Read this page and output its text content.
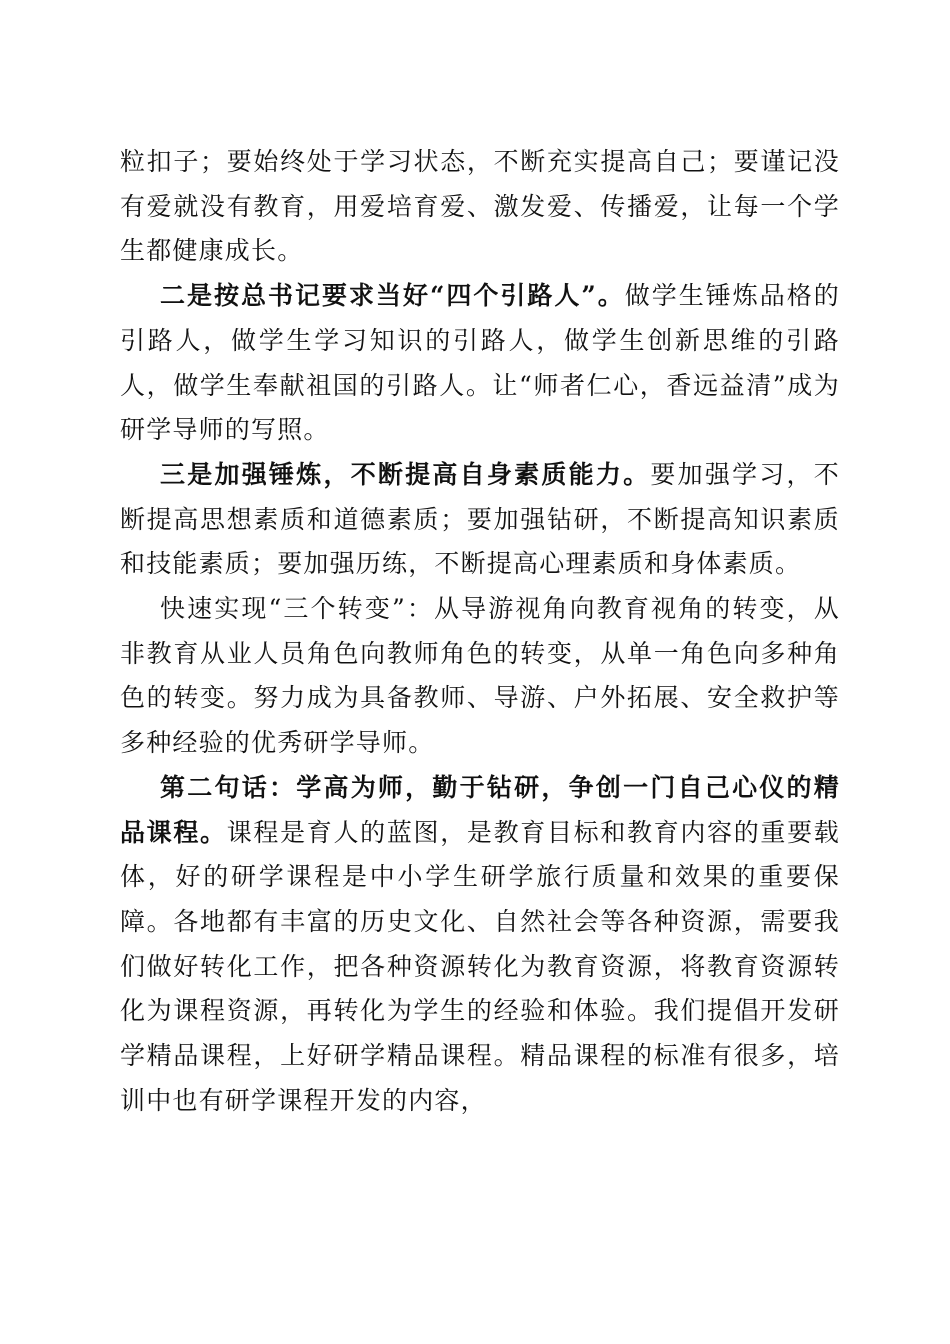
粒扣子；要始终处于学习状态，不断充实提高自己；要谨记没有爱就没有教育，用爱培育爱、激发爱、传播爱，让每一个学生都健康成长。

二是按总书记要求当好“四个引路人”。做学生锤炼品格的引路人，做学生学习知识的引路人，做学生创新思维的引路人，做学生奉献祖国的引路人。让“师者仁心，香远益清”成为研学导师的写照。

三是加强锤炼，不断提高自身素质能力。要加强学习，不断提高思想素质和道德素质；要加强钻研，不断提高知识素质和技能素质；要加强历练，不断提高心理素质和身体素质。

快速实现“三个转变”：从导游视角向教育视角的转变，从非教育从业人员角色向教师角色的转变，从单一角色向多种角色的转变。努力成为具备教师、导游、户外拓展、安全救护等多种经验的优秀研学导师。

第二句话：学高为师，勤于钻研，争创一门自己心仪的精品课程。课程是育人的蓝图，是教育目标和教育内容的重要载体，好的研学课程是中小学生研学旅行质量和效果的重要保障。各地都有丰富的历史文化、自然社会等各种资源，需要我们做好转化工作，把各种资源转化为教育资源，将教育资源转化为课程资源，再转化为学生的经验和体验。我们提倡开发研学精品课程，上好研学精品课程。精品课程的标准有很多，培训中也有研学课程开发的内容，
